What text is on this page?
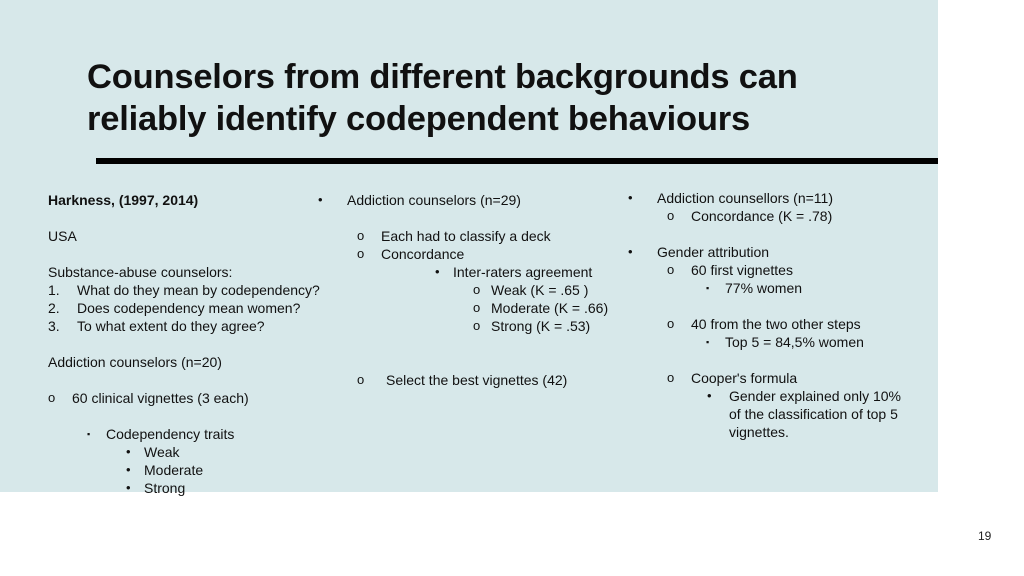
Counselors from different backgrounds can
reliably identify codependent behaviours
Harkness, (1997, 2014)
USA
Substance-abuse counselors:
1. What do they mean by codependency?
2. Does codependency mean women?
3. To what extent do they agree?
Addiction counselors (n=20)
o 60 clinical vignettes (3 each)
▪ Codependency traits
• Weak
• Moderate
• Strong
• Addiction counselors (n=29)
o Each had to classify a deck
o Concordance
• Inter-raters agreement
o Weak (K = .65 )
o Moderate (K = .66)
o Strong (K = .53)
o Select the best vignettes (42)
• Addiction counsellors (n=11)
o Concordance (K = .78)
• Gender attribution
o 60 first vignettes
▪ 77% women
o 40 from the two other steps
▪ Top 5 = 84,5% women
o Cooper's formula
• Gender explained only 10%
of the classification of top 5
vignettes.
19
